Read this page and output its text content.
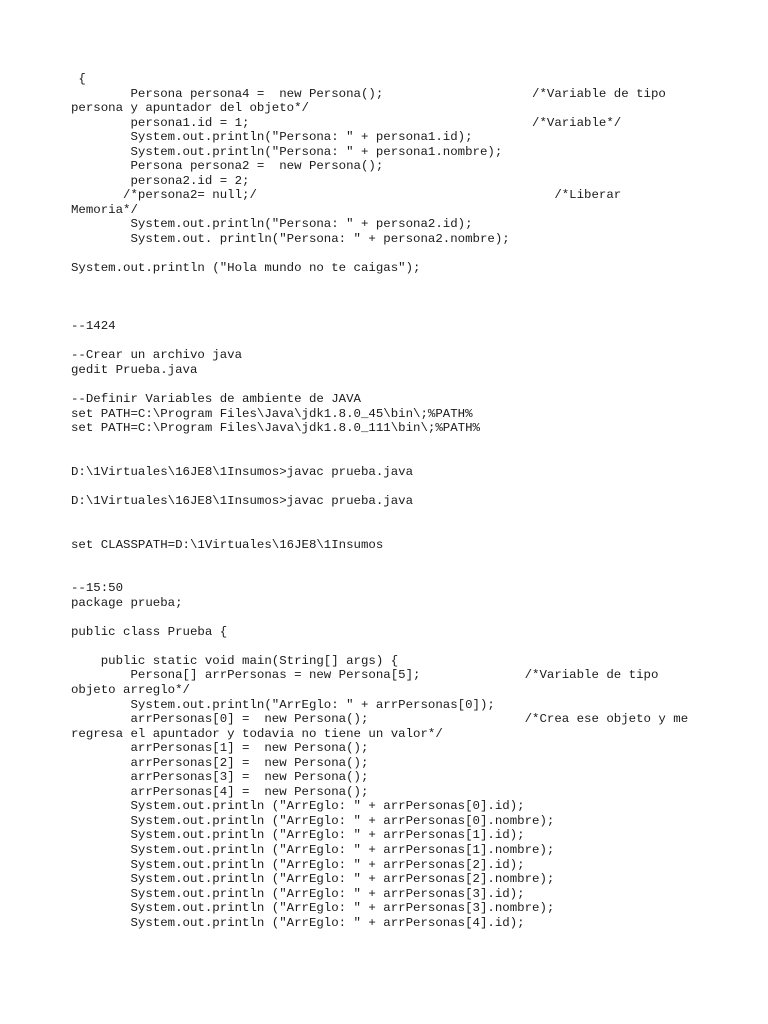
{
Persona persona4 =  new Persona();                    /*Variable de tipo
persona y apuntador del objeto*/
persona1.id = 1;                                      /*Variable*/
System.out.println("Persona: " + persona1.id);
System.out.println("Persona: " + persona1.nombre);
Persona persona2 =  new Persona();
persona2.id = 2;
/*persona2= null;/                                        /*Liberar
Memoria*/
System.out.println("Persona: " + persona2.id);
System.out. println("Persona: " + persona2.nombre);
System.out.println ("Hola mundo no te caigas");
--1424
--Crear un archivo java
gedit Prueba.java
--Definir Variables de ambiente de JAVA
set PATH=C:\Program Files\Java\jdk1.8.0_45\bin\;%PATH%
set PATH=C:\Program Files\Java\jdk1.8.0_111\bin\;%PATH%
D:\1Virtuales\16JE8\1Insumos>javac prueba.java
D:\1Virtuales\16JE8\1Insumos>javac prueba.java
set CLASSPATH=D:\1Virtuales\16JE8\1Insumos
--15:50
package prueba;
public class Prueba {
public static void main(String[] args) {
Persona[] arrPersonas = new Persona[5];              /*Variable de tipo
objeto arreglo*/
System.out.println("ArrEglo: " + arrPersonas[0]);
arrPersonas[0] =  new Persona();                     /*Crea ese objeto y me
regresa el apuntador y todavia no tiene un valor*/
arrPersonas[1] =  new Persona();
arrPersonas[2] =  new Persona();
arrPersonas[3] =  new Persona();
arrPersonas[4] =  new Persona();
System.out.println ("ArrEglo: " + arrPersonas[0].id);
System.out.println ("ArrEglo: " + arrPersonas[0].nombre);
System.out.println ("ArrEglo: " + arrPersonas[1].id);
System.out.println ("ArrEglo: " + arrPersonas[1].nombre);
System.out.println ("ArrEglo: " + arrPersonas[2].id);
System.out.println ("ArrEglo: " + arrPersonas[2].nombre);
System.out.println ("ArrEglo: " + arrPersonas[3].id);
System.out.println ("ArrEglo: " + arrPersonas[3].nombre);
System.out.println ("ArrEglo: " + arrPersonas[4].id);
